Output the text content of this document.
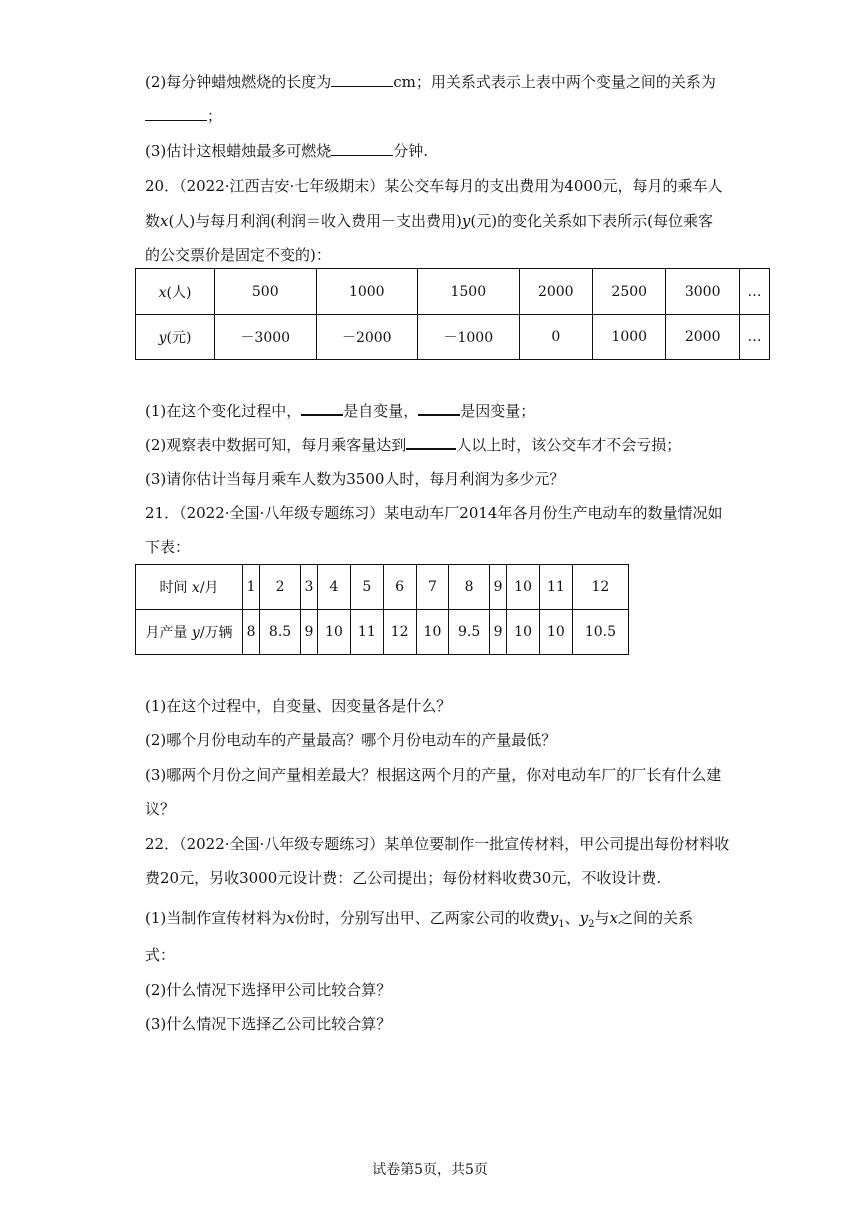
(2)每分钟蜡烛燃烧的长度为	cm；用关系式表示上表中两个变量之间的关系为
；
(3)估计这根蜡烛最多可燃烧	分钟.
20．（2022·江西吉安·七年级期末）某公交车每月的支出费用为4000元，每月的乘车人
数x(人)与每月利润(利润＝收入费用－支出费用)y(元)的变化关系如下表所示(每位乘客
的公交票价是固定不变的)：
x(人)	500	1000	1500	2000	2500	3000	…
y(元)	－3000	－2000	－1000	0	1000	2000	…
(1)在这个变化过程中，	是自变量，	是因变量；
(2)观察表中数据可知，每月乘客量达到	人以上时，该公交车才不会亏损；
(3)请你估计当每月乘车人数为3500人时，每月利润为多少元？
21．（2022·全国·八年级专题练习）某电动车厂2014年各月份生产电动车的数量情况如
下表：
时间 x/月	1	2	3	4	5	6	7	8	9	10	11	12
月产量 y/万辆	8	8.5	9	10	11	12	10	9.5	9	10	10	10.5
(1)在这个过程中，自变量、因变量各是什么？
(2)哪个月份电动车的产量最高？哪个月份电动车的产量最低？
(3)哪两个月份之间产量相差最大？根据这两个月的产量，你对电动车厂的厂长有什么建
议？
22．（2022·全国·八年级专题练习）某单位要制作一批宣传材料，甲公司提出每份材料收
费20元，另收3000元设计费：乙公司提出；每份材料收费30元，不收设计费.
(1)当制作宣传材料为x份时，分别写出甲、乙两家公司的收费$y_1$、$y_2$与x之间的关系
式：
(2)什么情况下选择甲公司比较合算？
(3)什么情况下选择乙公司比较合算？
试卷第5页，共5页
